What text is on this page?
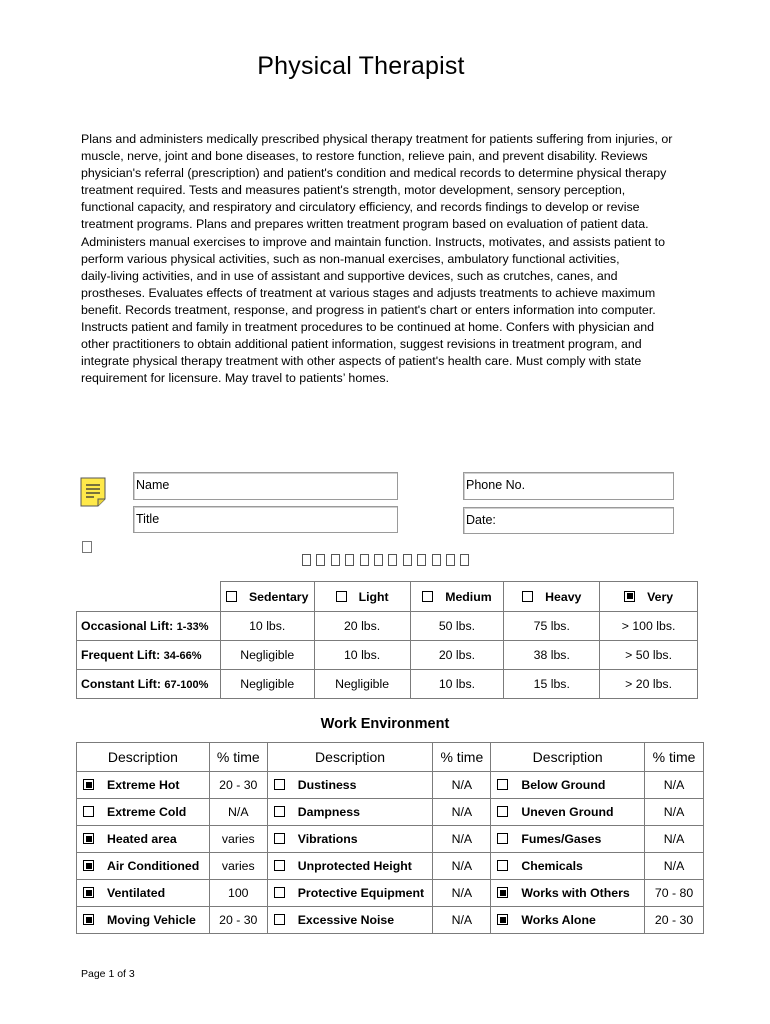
Physical Therapist

Plans and administers medically prescribed physical therapy treatment for patients suffering from injuries, or

muscle, nerve, joint and bone diseases, to restore function, relieve pain, and prevent disability. Reviews

physician's referral (prescription) and patient's condition and medical records to determine physical therapy

treatment required. Tests and measures patient's strength, motor development, sensory perception,

functional capacity, and respiratory and circulatory efficiency, and records findings to develop or revise

treatment programs. Plans and prepares written treatment program based on evaluation of patient data.

Administers manual exercises to improve and maintain function. Instructs, motivates, and assists patient to

perform various physical activities, such as non-manual exercises, ambulatory functional activities,

daily-living activities, and in use of assistant and supportive devices, such as crutches, canes, and

prostheses. Evaluates effects of treatment at various stages and adjusts treatments to achieve maximum

benefit. Records treatment, response, and progress in patient's chart or enters information into computer.

Instructs patient and family in treatment procedures to be continued at home. Confers with physician and

other practitioners to obtain additional patient information, suggest revisions in treatment program, and

integrate physical therapy treatment with other aspects of patient's health care. Must comply with state

requirement for licensure. May travel to patients’ homes.

Name	Phone No.
Title	Date:
	Sedentary	Light	Medium	Heavy	Very
Occasional Lift: 1-33%	10 lbs.	20 lbs.	50 lbs.	75 lbs.	> 100 lbs.
Frequent Lift: 34-66%	Negligible	10 lbs.	20 lbs.	38 lbs.	> 50 lbs.
Constant Lift: 67-100%	Negligible	Negligible	10 lbs.	15 lbs.	> 20 lbs.
Work Environment
Description	% time	Description	% time	Description	% time
Extreme Hot	20 - 30	Dustiness	N/A	Below Ground	N/A
Extreme Cold	N/A	Dampness	N/A	Uneven Ground	N/A
Heated area	varies	Vibrations	N/A	Fumes/Gases	N/A
Air Conditioned	varies	Unprotected Height	N/A	Chemicals	N/A
Ventilated	100	Protective Equipment	N/A	Works with Others	70 - 80
Moving Vehicle	20 - 30	Excessive Noise	N/A	Works Alone	20 - 30
Page 1 of 3
